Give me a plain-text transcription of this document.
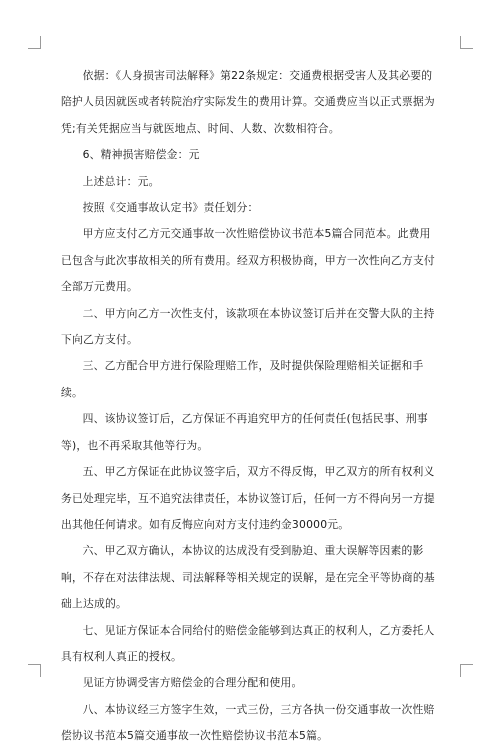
依据：《人身损害司法解释》第22条规定：交通费根据受害人及其必要的陪护人员因就医或者转院治疗实际发生的费用计算。交通费应当以正式票据为凭;有关凭据应当与就医地点、时间、人数、次数相符合。

6、精神损害赔偿金：元

上述总计：元。

按照《交通事故认定书》责任划分：

甲方应支付乙方元交通事故一次性赔偿协议书范本5篇合同范本。此费用已包含与此次事故相关的所有费用。经双方积极协商，甲方一次性向乙方支付全部万元费用。

二、甲方向乙方一次性支付，该款项在本协议签订后并在交警大队的主持下向乙方支付。

三、乙方配合甲方进行保险理赔工作，及时提供保险理赔相关证据和手续。

四、该协议签订后，乙方保证不再追究甲方的任何责任(包括民事、刑事等)，也不再采取其他等行为。

五、甲乙方保证在此协议签字后，双方不得反悔，甲乙双方的所有权利义务已处理完毕，互不追究法律责任，本协议签订后，任何一方不得向另一方提出其他任何请求。如有反悔应向对方支付违约金30000元。

六、甲乙双方确认，本协议的达成没有受到胁迫、重大误解等因素的影响，不存在对法律法规、司法解释等相关规定的误解，是在完全平等协商的基础上达成的。

七、见证方保证本合同给付的赔偿金能够到达真正的权利人，乙方委托人具有权利人真正的授权。

见证方协调受害方赔偿金的合理分配和使用。

八、本协议经三方签字生效，一式三份，三方各执一份交通事故一次性赔偿协议书范本5篇交通事故一次性赔偿协议书范本5篇。
